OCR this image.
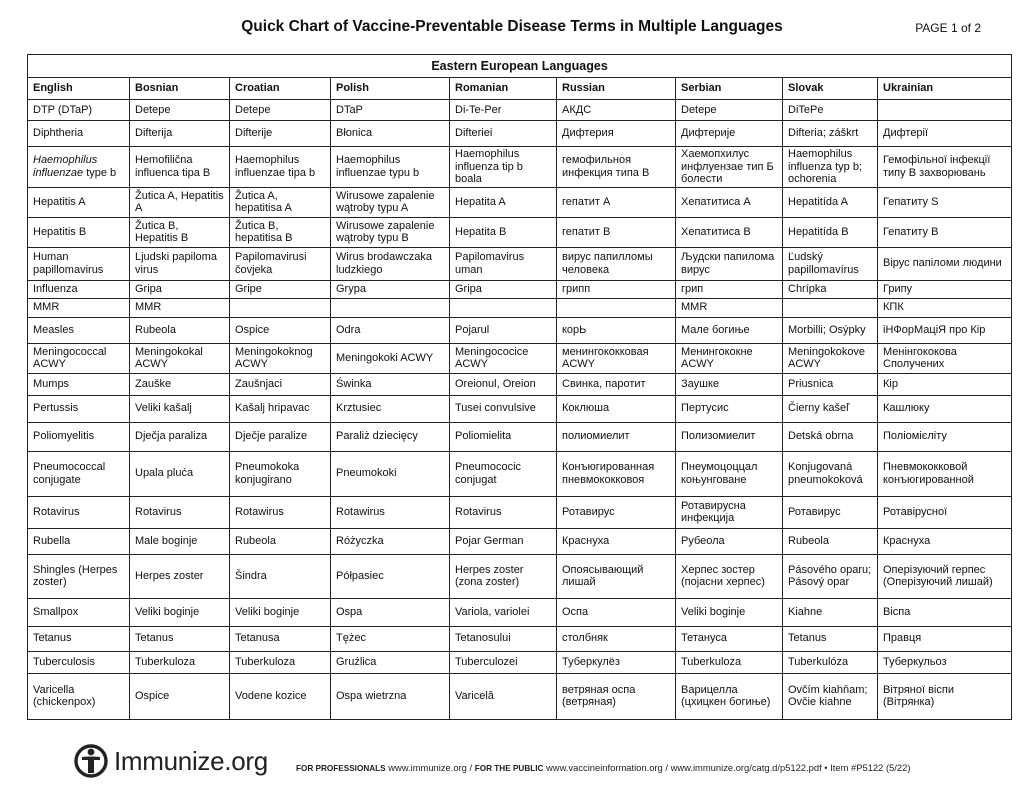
Quick Chart of Vaccine-Preventable Disease Terms in Multiple Languages	PAGE 1 of 2
Eastern European Languages								
English	Bosnian	Croatian	Polish	Romanian	Russian	Serbian	Slovak	Ukrainian
DTP (DTaP)	Detepe	Detepe	DTaP	Di-Te-Per	АКДС	Detepe	DiTePe	
Diphtheria	Difterija	Difterije	Błonica	Difteriei	Дифтерия	Дифтерије	Difteria; záškrt	Дифтерії
Haemophilus influenzae type b	Hemofilična influenca tipa B	Haemophilus influenzae tipa b	Haemophilus influenzae typu b	Haemophilus influenza tip b boala	гемофильноя инфекция типа B	Хаемопхилус инфлуензае тип Б болести	Haemophilus influenza typ b; ochorenia	Гемофільної інфекції типу B захворювань
Hepatitis A	Žutica A, Hepatitis A	Žutica A, hepatitisa A	Wirusowe zapalenie wątroby typu A	Hepatita A	гепатит A	Хепатитиса A	Hepatitída A	Гепатиту S
Hepatitis B	Žutica B, Hepatitis B	Žutica B, hepatitisa B	Wirusowe zapalenie wątroby typu B	Hepatita B	гепатит B	Хепатитиса B	Hepatitída B	Гепатиту B
Human papillomavirus	Ljudski papiloma virus	Papilomavirusi čovjeka	Wirus brodawczaka ludzkiego	Papilomavirus uman	вирус папилломы человека	Људски папилома вирус	Ľudský papillomavírus	Вірус папіломи людини
Influenza	Gripa	Gripe	Grypa	Gripa	грипп	грип	Chrípka	Грипу
MMR	MMR					MMR		КПК
Measles	Rubeola	Ospice	Odra	Pojarul	корЬ	Мале богиње	Morbilli; Osýpky	іНФорМаціЯ про Кір
Meningococcal ACWY	Meningokokal ACWY	Meningokoknog ACWY	Meningokoki ACWY	Meningococice ACWY	менингококковая ACWY	Менингококне ACWY	Meningokokove ACWY	Менінгококова Сполучених
Mumps	Zauške	Zaušnjaci	Świnka	Oreionul, Oreion	Свинка, паротит	Заушке	Priusnica	Кір
Pertussis	Veliki kašalj	Kašalj hripavac	Krztusiec	Tusei convulsive	Коклюша	Пертусис	Čierny kašeľ	Кашлюку
Poliomyelitis	Dječja paraliza	Dječje paralize	Paraliż dziecięcy	Poliomielita	полиомиелит	Полизомиелит	Detská obrna	Поліомієліту
Pneumococcal conjugate	Upala pluća	Pneumokoka konjugirano	Pneumokoki	Pneumococic conjugat	Конъюгированная пневмококковоя	Пнеумоцоццал коњунговане	Konjugovaná pneumokoková	Пневмококковой конъюгированной
Rotavirus	Rotavirus	Rotawirus	Rotawirus	Rotavirus	Ротавирус	Ротавирусна инфекција	Ротавирус	Ротавірусної
Rubella	Male boginje	Rubeola	Różyczka	Pojar German	Краснуха	Рубеола	Rubeola	Краснуха
Shingles (Herpes zoster)	Herpes zoster	Šindra	Półpasiec	Herpes zoster (zona zoster)	Опоясывающий лишай	Херпес зостер (појасни херпес)	Pásového oparu; Pásový opar	Оперізуючий герпес (Оперізуючий лишай)
Smallpox	Veliki boginje	Veliki boginje	Ospa	Variola, variolei	Оспа	Veliki boginje	Kiahne	Віспа
Tetanus	Tetanus	Tetanusa	Tężec	Tetanosului	столбняк	Тетануса	Tetanus	Правця
Tuberculosis	Tuberkuloza	Tuberkuloza	Gruźlica	Tuberculozei	Туберкулёз	Tuberkuloza	Tuberkulóza	Туберкульоз
Varicella (chickenpox)	Ospice	Vodene kozice	Ospa wietrzna	Varicelă	ветряная оспа (ветряная)	Варицелла (цхицкен богиње)	Ovčím kiahňam; Ovčie kiahne	Вітряної віспи (Вітрянка)
Immunize.org	FOR PROFESSIONALS www.immunize.org / FOR THE PUBLIC www.vaccineinformation.org / www.immunize.org/catg.d/p5122.pdf • Item #P5122 (5/22)
